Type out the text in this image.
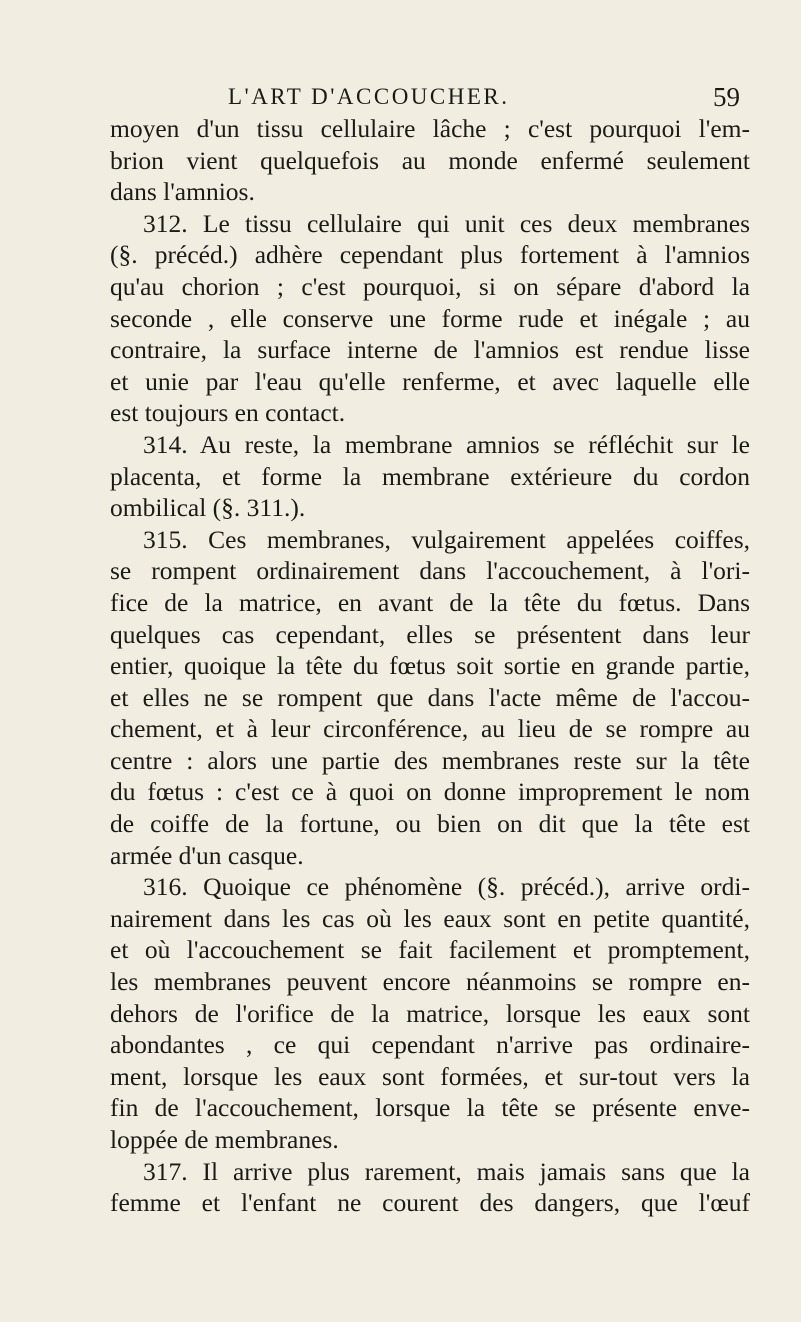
L'ART D'ACCOUCHER.	59
moyen d'un tissu cellulaire lâche ; c'est pourquoi l'em-
brion vient quelquefois au monde enfermé seulement
dans l'amnios.
312. Le tissu cellulaire qui unit ces deux membranes
(§. précéd.) adhère cependant plus fortement à l'amnios
qu'au chorion ; c'est pourquoi, si on sépare d'abord la
seconde , elle conserve une forme rude et inégale ; au
contraire, la surface interne de l'amnios est rendue lisse
et unie par l'eau qu'elle renferme, et avec laquelle elle
est toujours en contact.
314. Au reste, la membrane amnios se réfléchit sur le
placenta, et forme la membrane extérieure du cordon
ombilical (§. 311.).
315. Ces membranes, vulgairement appelées coiffes,
se rompent ordinairement dans l'accouchement, à l'ori-
fice de la matrice, en avant de la tête du fœtus. Dans
quelques cas cependant, elles se présentent dans leur
entier, quoique la tête du fœtus soit sortie en grande partie,
et elles ne se rompent que dans l'acte même de l'accou-
chement, et à leur circonférence, au lieu de se rompre au
centre : alors une partie des membranes reste sur la tête
du fœtus : c'est ce à quoi on donne improprement le nom
de coiffe de la fortune, ou bien on dit que la tête est
armée d'un casque.
316. Quoique ce phénomène (§. précéd.), arrive ordi-
nairement dans les cas où les eaux sont en petite quantité,
et où l'accouchement se fait facilement et promptement,
les membranes peuvent encore néanmoins se rompre en-
dehors de l'orifice de la matrice, lorsque les eaux sont
abondantes , ce qui cependant n'arrive pas ordinaire-
ment, lorsque les eaux sont formées, et sur-tout vers la
fin de l'accouchement, lorsque la tête se présente enve-
loppée de membranes.
317. Il arrive plus rarement, mais jamais sans que la
femme et l'enfant ne courent des dangers, que l'œuf
